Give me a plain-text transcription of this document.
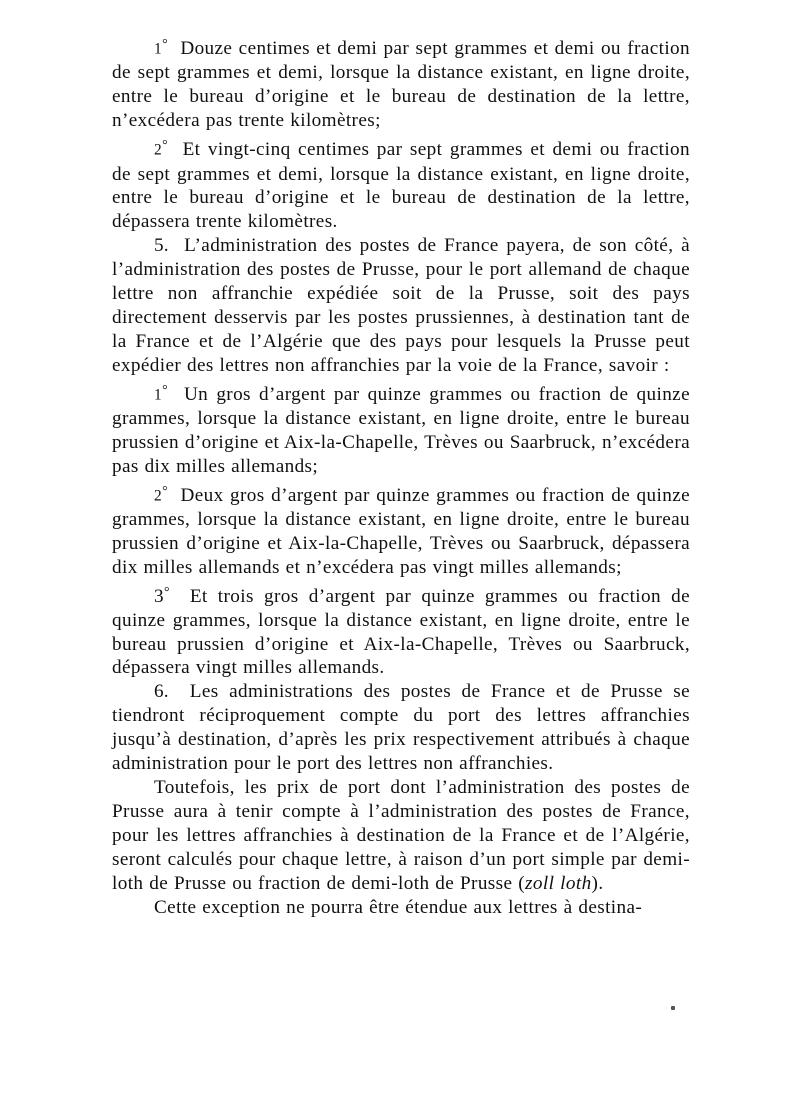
1° Douze centimes et demi par sept grammes et demi ou fraction de sept grammes et demi, lorsque la distance existant, en ligne droite, entre le bureau d’origine et le bureau de destination de la lettre, n’excédera pas trente kilomètres;

2° Et vingt-cinq centimes par sept grammes et demi ou fraction de sept grammes et demi, lorsque la distance existant, en ligne droite, entre le bureau d’origine et le bureau de destination de la lettre, dépassera trente kilomètres.

5. L’administration des postes de France payera, de son côté, à l’administration des postes de Prusse, pour le port allemand de chaque lettre non affranchie expédiée soit de la Prusse, soit des pays directement desservis par les postes prussiennes, à destination tant de la France et de l’Algérie que des pays pour lesquels la Prusse peut expédier des lettres non affranchies par la voie de la France, savoir :

1° Un gros d’argent par quinze grammes ou fraction de quinze grammes, lorsque la distance existant, en ligne droite, entre le bureau prussien d’origine et Aix-la-Chapelle, Trèves ou Saarbruck, n’excédera pas dix milles allemands;

2° Deux gros d’argent par quinze grammes ou fraction de quinze grammes, lorsque la distance existant, en ligne droite, entre le bureau prussien d’origine et Aix-la-Chapelle, Trèves ou Saarbruck, dépassera dix milles allemands et n’excédera pas vingt milles allemands;

3° Et trois gros d’argent par quinze grammes ou fraction de quinze grammes, lorsque la distance existant, en ligne droite, entre le bureau prussien d’origine et Aix-la-Chapelle, Trèves ou Saarbruck, dépassera vingt milles allemands.

6. Les administrations des postes de France et de Prusse se tiendront réciproquement compte du port des lettres affranchies jusqu’à destination, d’après les prix respectivement attribués à chaque administration pour le port des lettres non affranchies.

Toutefois, les prix de port dont l’administration des postes de Prusse aura à tenir compte à l’administration des postes de France, pour les lettres affranchies à destination de la France et de l’Algérie, seront calculés pour chaque lettre, à raison d’un port simple par demi-loth de Prusse ou fraction de demi-loth de Prusse (zoll loth).

Cette exception ne pourra être étendue aux lettres à destina-
